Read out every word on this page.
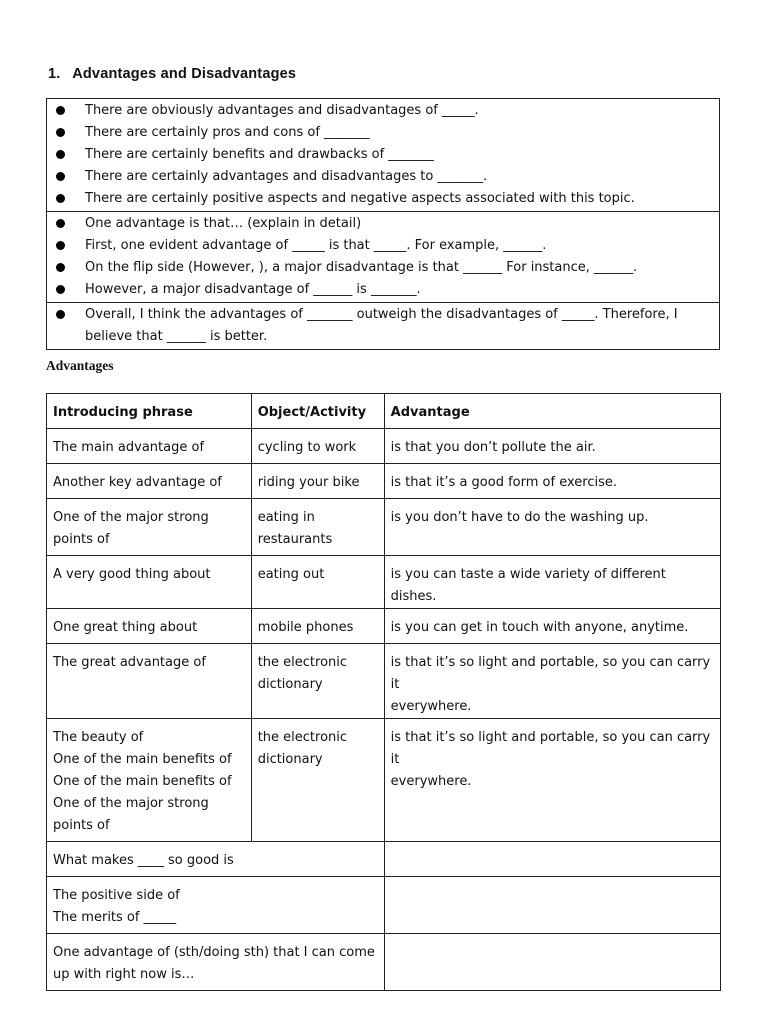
1. Advantages and Disadvantages
There are obviously advantages and disadvantages of _____.
There are certainly pros and cons of _______
There are certainly benefits and drawbacks of _______
There are certainly advantages and disadvantages to _______.
There are certainly positive aspects and negative aspects associated with this topic.
One advantage is that… (explain in detail)
First, one evident advantage of _____ is that _____. For example, ______.
On the flip side (However, ), a major disadvantage is that ______ For instance, ______.
However, a major disadvantage of ______ is _______.
Overall, I think the advantages of _______ outweigh the disadvantages of _____. Therefore, I believe that ______ is better.
Advantages
Introducing phrase	Object/Activity	Advantage

The main advantage of	cycling to work	is that you don’t pollute the air.

Another key advantage of	riding your bike	is that it’s a good form of exercise.

One of the major strong
points of	eating in
restaurants	is you don’t have to do the washing up.

A very good thing about	eating out	is you can taste a wide variety of different dishes.

One great thing about	mobile phones	is you can get in touch with anyone, anytime.

The great advantage of	the electronic
dictionary	is that it’s so light and portable, so you can carry it
everywhere.

The beauty of
One of the main benefits of
One of the main benefits of
One of the major strong
points of	the electronic
dictionary	is that it’s so light and portable, so you can carry it
everywhere.

What makes ____ so good is		

The positive side of
The merits of _____		

One advantage of (sth/doing sth) that I can come
up with right now is…		
